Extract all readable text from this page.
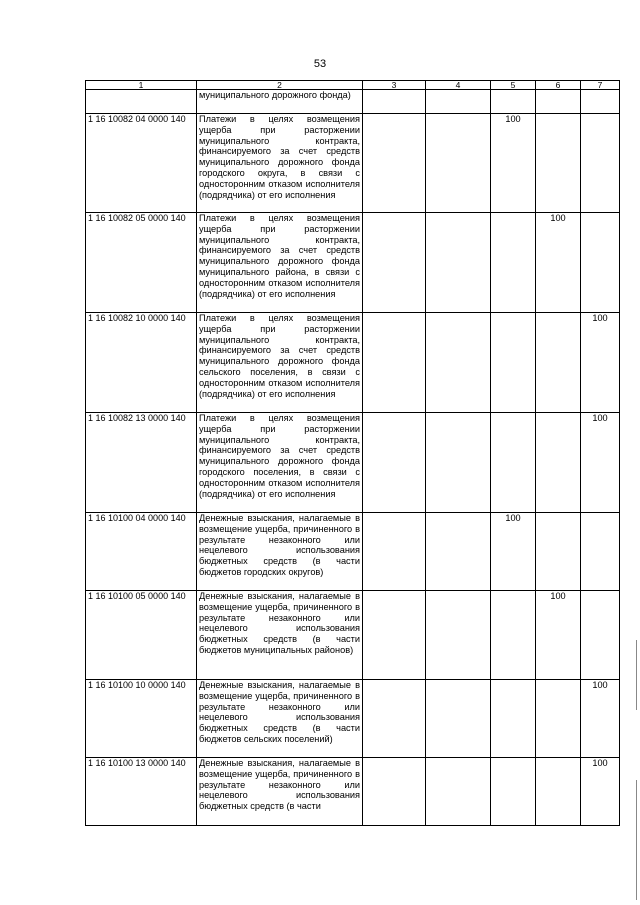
53
1	2	3	4	5	6	7
	муниципального дорожного фонда)					
1 16 10082 04 0000 140	Платежи в целях возмещения ущерба при расторжении муниципального контракта, финансируемого за счет средств муниципального дорожного фонда городского округа, в связи с односторонним отказом исполнителя (подрядчика) от его исполнения			100		
1 16 10082 05 0000 140	Платежи в целях возмещения ущерба при расторжении муниципального контракта, финансируемого за счет средств муниципального дорожного фонда муниципального района, в связи с односторонним отказом исполнителя (подрядчика) от его исполнения				100	
1 16 10082 10 0000 140	Платежи в целях возмещения ущерба при расторжении муниципального контракта, финансируемого за счет средств муниципального дорожного фонда сельского поселения, в связи с односторонним отказом исполнителя (подрядчика) от его исполнения					100
1 16 10082 13 0000 140	Платежи в целях возмещения ущерба при расторжении муниципального контракта, финансируемого за счет средств муниципального дорожного фонда городского поселения, в связи с односторонним отказом исполнителя (подрядчика) от его исполнения					100
1 16 10100 04 0000 140	Денежные взыскания, налагаемые в возмещение ущерба, причиненного в результате незаконного или нецелевого использования бюджетных средств (в части бюджетов городских округов)			100		
1 16 10100 05 0000 140	Денежные взыскания, налагаемые в возмещение ущерба, причиненного в результате незаконного или нецелевого использования бюджетных средств (в части бюджетов муниципальных районов)				100	
1 16 10100 10 0000 140	Денежные взыскания, налагаемые в возмещение ущерба, причиненного в результате незаконного или нецелевого использования бюджетных средств (в части бюджетов сельских поселений)					100
1 16 10100 13 0000 140	Денежные взыскания, налагаемые в возмещение ущерба, причиненного в результате незаконного или нецелевого использования бюджетных средств (в части					100
